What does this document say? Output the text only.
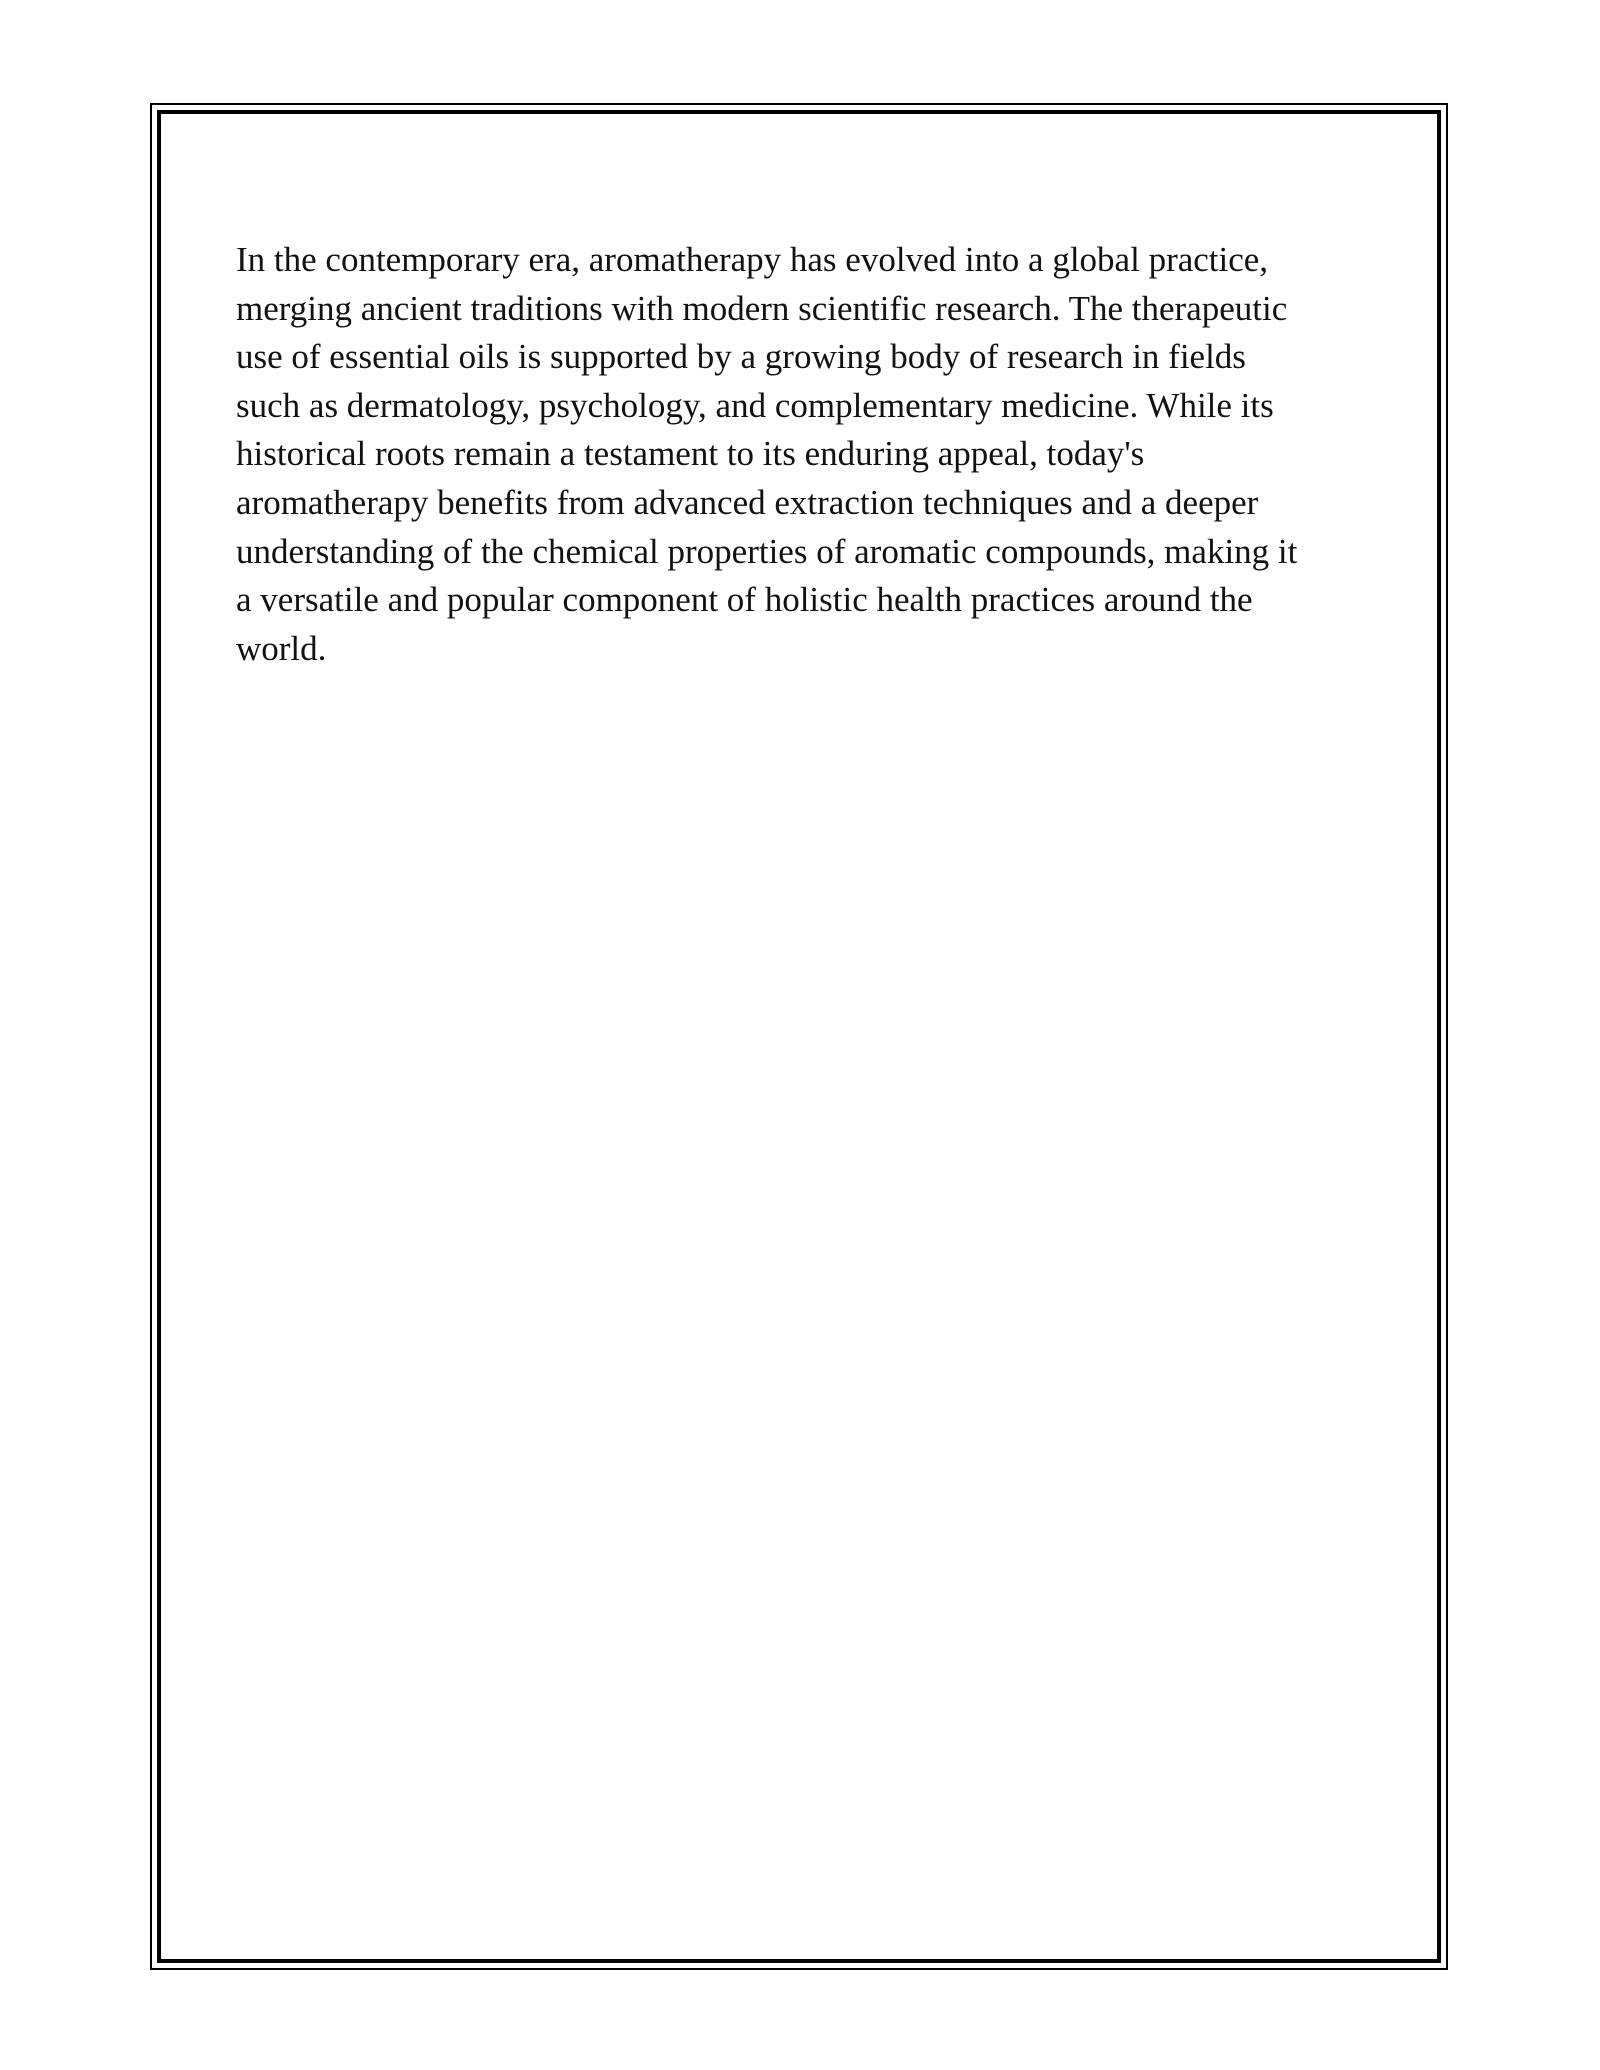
In the contemporary era, aromatherapy has evolved into a global practice,
merging ancient traditions with modern scientific research. The therapeutic
use of essential oils is supported by a growing body of research in fields
such as dermatology, psychology, and complementary medicine. While its
historical roots remain a testament to its enduring appeal, today's
aromatherapy benefits from advanced extraction techniques and a deeper
understanding of the chemical properties of aromatic compounds, making it
a versatile and popular component of holistic health practices around the
world.
